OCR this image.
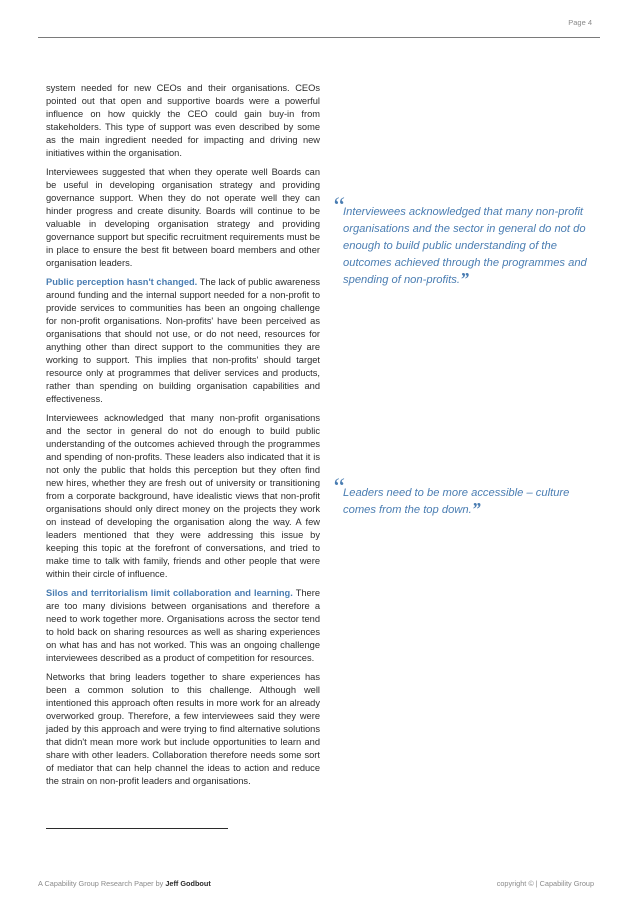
Page 4

system needed for new CEOs and their organisations. CEOs pointed out that open and supportive boards were a powerful influence on how quickly the CEO could gain buy-in from stakeholders. This type of support was even described by some as the main ingredient needed for impacting and driving new initiatives within the organisation.

Interviewees suggested that when they operate well Boards can be useful in developing organisation strategy and providing governance support. When they do not operate well they can hinder progress and create disunity. Boards will continue to be valuable in developing organisation strategy and providing governance support but specific recruitment requirements must be in place to ensure the best fit between board members and other organisation leaders.

Public perception hasn't changed. The lack of public awareness around funding and the internal support needed for a non-profit to provide services to communities has been an ongoing challenge for non-profit organisations. Non-profits' have been perceived as organisations that should not use, or do not need, resources for anything other than direct support to the communities they are working to support. This implies that non-profits' should target resource only at programmes that deliver services and products, rather than spending on building organisation capabilities and effectiveness.

Interviewees acknowledged that many non-profit organisations and the sector in general do not do enough to build public understanding of the outcomes achieved through the programmes and spending of non-profits. These leaders also indicated that it is not only the public that holds this perception but they often find new hires, whether they are fresh out of university or transitioning from a corporate background, have idealistic views that non-profit organisations should only direct money on the projects they work on instead of developing the organisation along the way. A few leaders mentioned that they were addressing this issue by keeping this topic at the forefront of conversations, and tried to make time to talk with family, friends and other people that were within their circle of influence.

Silos and territorialism limit collaboration and learning. There are too many divisions between organisations and therefore a need to work together more. Organisations across the sector tend to hold back on sharing resources as well as sharing experiences on what has and has not worked. This was an ongoing challenge interviewees described as a product of competition for resources.

Networks that bring leaders together to share experiences has been a common solution to this challenge. Although well intentioned this approach often results in more work for an already overworked group. Therefore, a few interviewees said they were jaded by this approach and were trying to find alternative solutions that didn't mean more work but include opportunities to learn and share with other leaders. Collaboration therefore needs some sort of mediator that can help channel the ideas to action and reduce the strain on non-profit leaders and organisations.

“
Interviewees acknowledged that many non-profit organisations and the sector in general do not do enough to build public understanding of the outcomes achieved through the programmes and spending of non-profits.”
“
Leaders need to be more accessible – culture comes from the top down.”
A Capability Group Research Paper by Jeff Godbout	copyright © | Capability Group
